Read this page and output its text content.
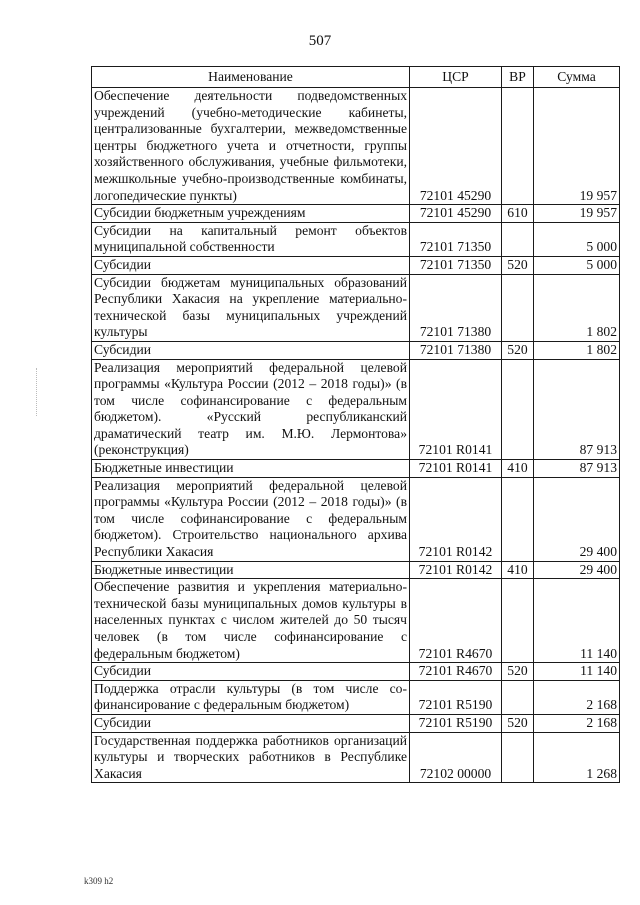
507
Наименование	ЦСР	ВР	Сумма
Обеспечение деятельности подведомственных учреждений (учебно-методические кабинеты, централизованные бухгалтерии, межведомственные центры бюджетного учета и отчетности, группы хозяйственного обслуживания, учебные фильмотеки, межшкольные учебно-производственные комбинаты, логопедические пункты)	72101 45290		19 957
Субсидии бюджетным учреждениям	72101 45290	610	19 957
Субсидии на капитальный ремонт объектов муниципальной собственности	72101 71350		5 000
Субсидии	72101 71350	520	5 000
Субсидии бюджетам муниципальных образований Республики Хакасия на укрепление материально-технической базы муниципальных учреждений культуры	72101 71380		1 802
Субсидии	72101 71380	520	1 802
Реализация мероприятий федеральной целевой программы «Культура России (2012 – 2018 годы)» (в том числе софинансирование с федеральным бюджетом). «Русский республиканский драматический театр им. М.Ю. Лермонтова» (реконструкция)	72101 R0141		87 913
Бюджетные инвестиции	72101 R0141	410	87 913
Реализация мероприятий федеральной целевой программы «Культура России (2012 – 2018 годы)» (в том числе софинансирование с федеральным бюджетом). Строительство национального архива Республики Хакасия	72101 R0142		29 400
Бюджетные инвестиции	72101 R0142	410	29 400
Обеспечение развития и укрепления материально-технической базы муниципальных домов культуры в населенных пунктах с числом жителей до 50 тысяч человек (в том числе софинансирование с федеральным бюджетом)	72101 R4670		11 140
Субсидии	72101 R4670	520	11 140
Поддержка отрасли культуры (в том числе софинансирование с федеральным бюджетом)	72101 R5190		2 168
Субсидии	72101 R5190	520	2 168
Государственная поддержка работников организаций культуры и творческих работников в Республике Хакасия	72102 00000		1 268
k309 h2
